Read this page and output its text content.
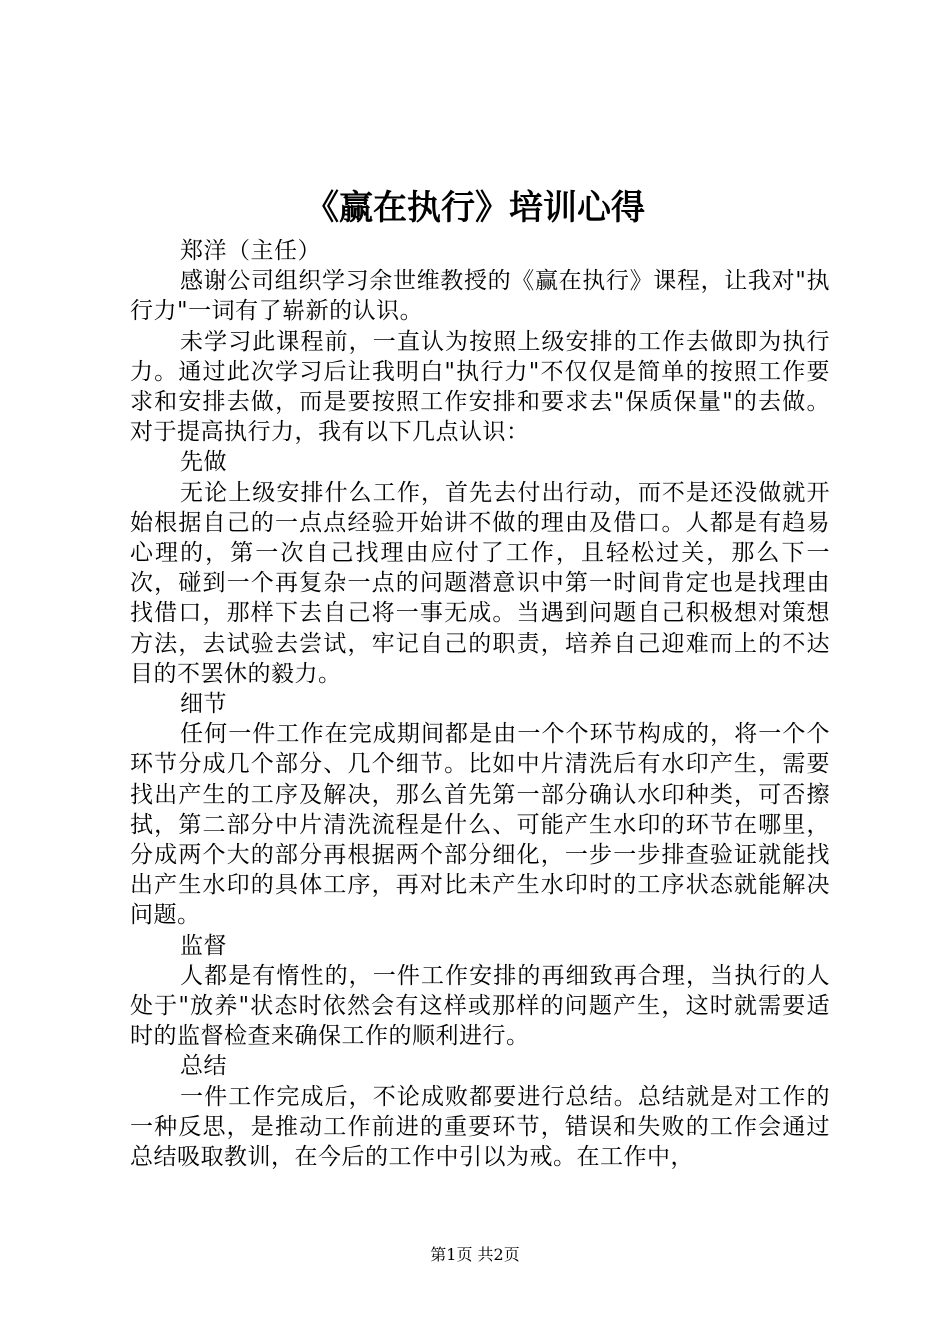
《赢在执行》培训心得

郑洋（主任）

感谢公司组织学习余世维教授的《赢在执行》课程，让我对"执行力"一词有了崭新的认识。

未学习此课程前，一直认为按照上级安排的工作去做即为执行力。通过此次学习后让我明白"执行力"不仅仅是简单的按照工作要求和安排去做，而是要按照工作安排和要求去"保质保量"的去做。对于提高执行力，我有以下几点认识：

先做

无论上级安排什么工作，首先去付出行动，而不是还没做就开始根据自己的一点点经验开始讲不做的理由及借口。人都是有趋易心理的，第一次自己找理由应付了工作，且轻松过关，那么下一次，碰到一个再复杂一点的问题潜意识中第一时间肯定也是找理由找借口，那样下去自己将一事无成。当遇到问题自己积极想对策想方法，去试验去尝试，牢记自己的职责，培养自己迎难而上的不达目的不罢休的毅力。

细节

任何一件工作在完成期间都是由一个个环节构成的，将一个个环节分成几个部分、几个细节。比如中片清洗后有水印产生，需要找出产生的工序及解决，那么首先第一部分确认水印种类，可否擦拭，第二部分中片清洗流程是什么、可能产生水印的环节在哪里，分成两个大的部分再根据两个部分细化，一步一步排查验证就能找出产生水印的具体工序，再对比未产生水印时的工序状态就能解决问题。

监督

人都是有惰性的，一件工作安排的再细致再合理，当执行的人处于"放养"状态时依然会有这样或那样的问题产生，这时就需要适时的监督检查来确保工作的顺利进行。

总结

一件工作完成后，不论成败都要进行总结。总结就是对工作的一种反思，是推动工作前进的重要环节，错误和失败的工作会通过总结吸取教训，在今后的工作中引以为戒。在工作中，

第1页 共2页
